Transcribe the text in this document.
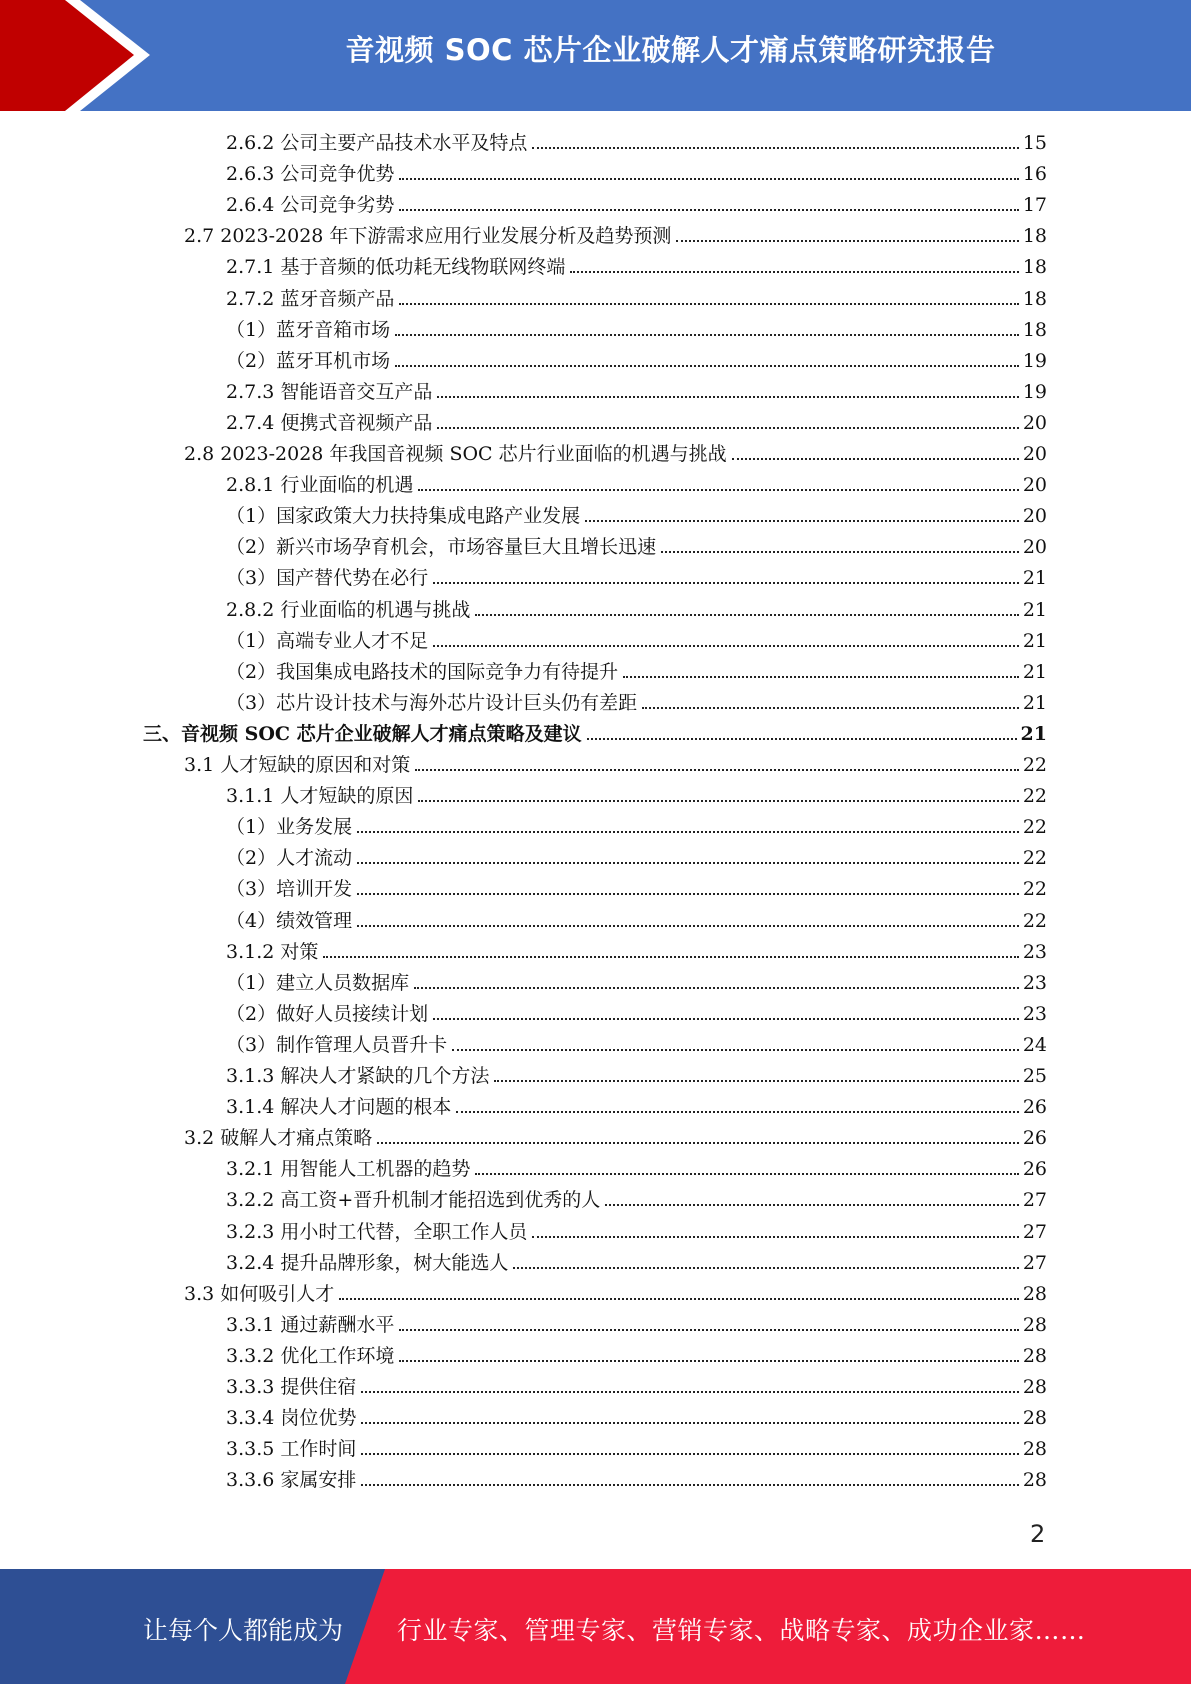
音视频 SOC 芯片企业破解人才痛点策略研究报告
2.6.2 公司主要产品技术水平及特点	15
2.6.3 公司竞争优势	16
2.6.4 公司竞争劣势	17
2.7 2023-2028 年下游需求应用行业发展分析及趋势预测	18
2.7.1 基于音频的低功耗无线物联网终端	18
2.7.2 蓝牙音频产品	18
（1）蓝牙音箱市场	18
（2）蓝牙耳机市场	19
2.7.3 智能语音交互产品	19
2.7.4 便携式音视频产品	20
2.8 2023-2028 年我国音视频 SOC 芯片行业面临的机遇与挑战	20
2.8.1 行业面临的机遇	20
（1）国家政策大力扶持集成电路产业发展	20
（2）新兴市场孕育机会，市场容量巨大且增长迅速	20
（3）国产替代势在必行	21
2.8.2 行业面临的机遇与挑战	21
（1）高端专业人才不足	21
（2）我国集成电路技术的国际竞争力有待提升	21
（3）芯片设计技术与海外芯片设计巨头仍有差距	21
三、音视频 SOC 芯片企业破解人才痛点策略及建议	21
3.1 人才短缺的原因和对策	22
3.1.1 人才短缺的原因	22
（1）业务发展	22
（2）人才流动	22
（3）培训开发	22
（4）绩效管理	22
3.1.2 对策	23
（1）建立人员数据库	23
（2）做好人员接续计划	23
（3）制作管理人员晋升卡	24
3.1.3 解决人才紧缺的几个方法	25
3.1.4 解决人才问题的根本	26
3.2 破解人才痛点策略	26
3.2.1 用智能人工机器的趋势	26
3.2.2 高工资+晋升机制才能招选到优秀的人	27
3.2.3 用小时工代替，全职工作人员	27
3.2.4 提升品牌形象，树大能选人	27
3.3 如何吸引人才	28
3.3.1 通过薪酬水平	28
3.3.2 优化工作环境	28
3.3.3 提供住宿	28
3.3.4 岗位优势	28
3.3.5 工作时间	28
3.3.6 家属安排	28
2
让每个人都能成为 行业专家、管理专家、营销专家、战略专家、成功企业家……
